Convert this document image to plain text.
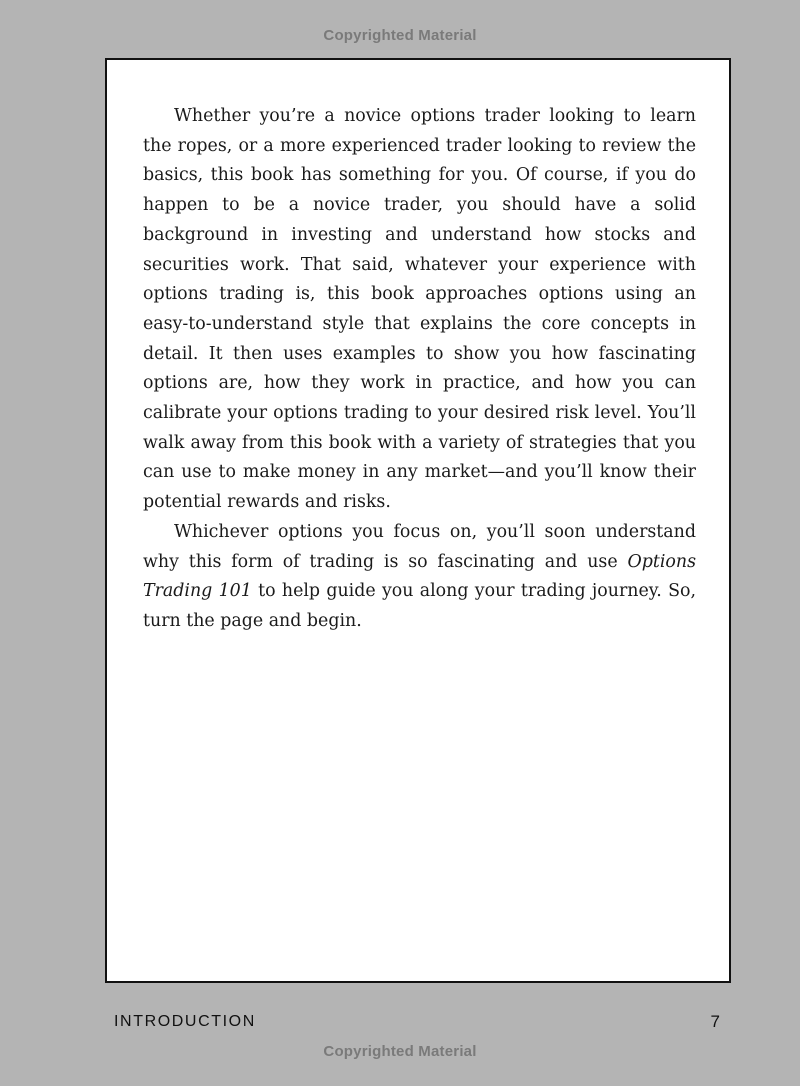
Copyrighted Material

Whether you’re a novice options trader looking to learn the ropes, or a more experienced trader looking to review the basics, this book has something for you. Of course, if you do happen to be a novice trader, you should have a solid background in investing and understand how stocks and securities work. That said, whatever your experience with options trading is, this book approaches options using an easy-to-understand style that explains the core concepts in detail. It then uses examples to show you how fascinating options are, how they work in practice, and how you can calibrate your options trading to your desired risk level. You’ll walk away from this book with a variety of strategies that you can use to make money in any market—and you’ll know their potential rewards and risks.

Whichever options you focus on, you’ll soon understand why this form of trading is so fascinating and use Options Trading 101 to help guide you along your trading journey. So, turn the page and begin.

INTRODUCTION	7
Copyrighted Material
